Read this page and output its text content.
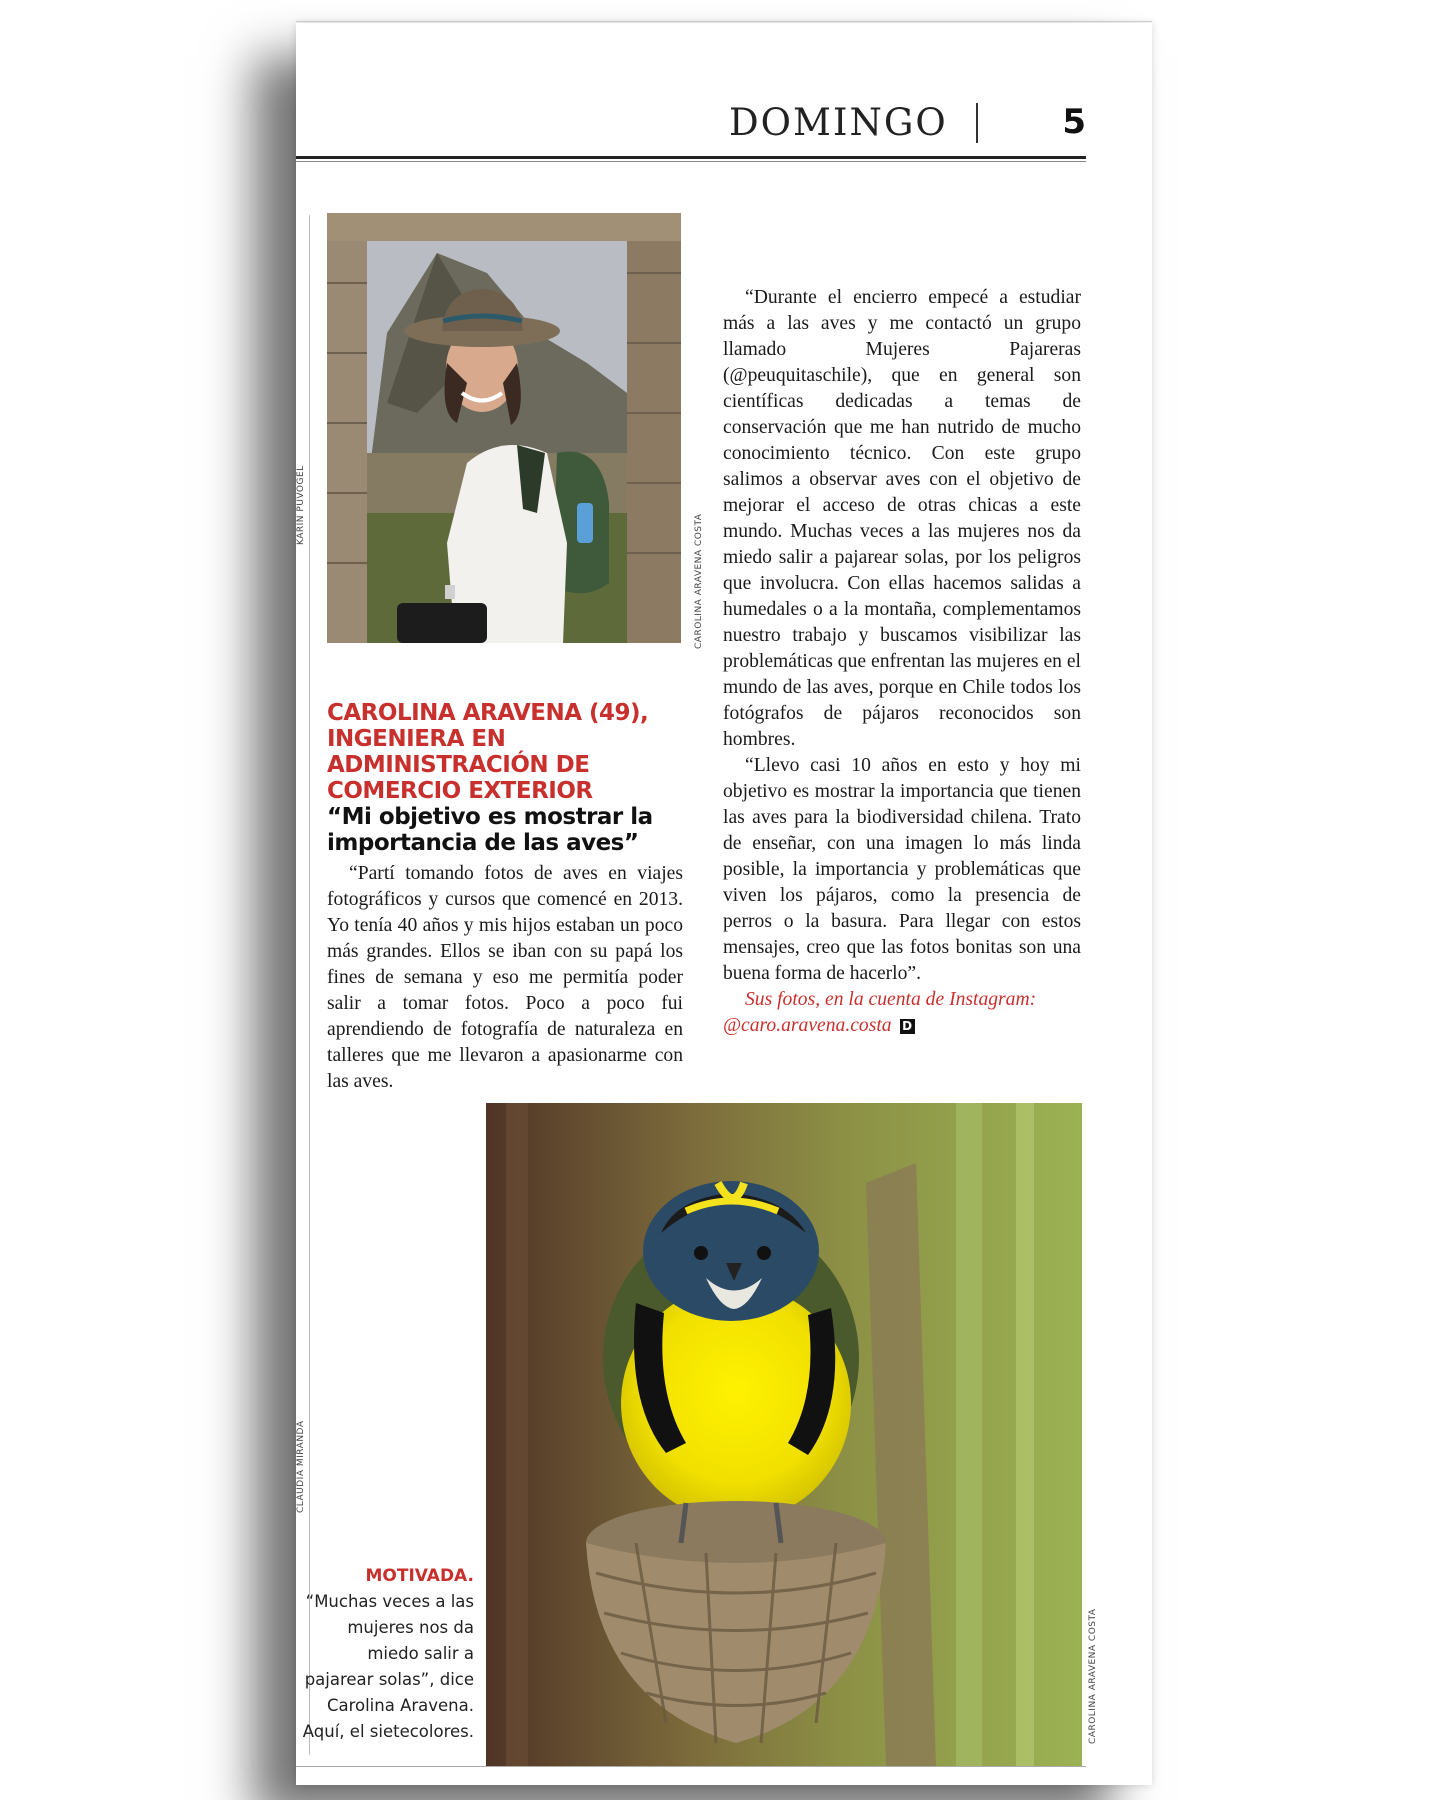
DOMINGO	5
KARIN PUVOGEL
CAROLINA ARAVENA COSTA
CAROLINA ARAVENA (49), INGENIERA EN ADMINISTRACIÓN DE COMERCIO EXTERIOR
“Mi objetivo es mostrar la importancia de las aves”

“Partí tomando fotos de aves en viajes fotográficos y cursos que comencé en 2013. Yo tenía 40 años y mis hijos estaban un poco más grandes. Ellos se iban con su papá los fines de semana y eso me permitía poder salir a tomar fotos. Poco a poco fui aprendiendo de fotografía de naturaleza en talleres que me llevaron a apasionarme con las aves.

“Durante el encierro empecé a estudiar más a las aves y me contactó un grupo llamado Mujeres Pajareras (@peuquitaschile), que en general son científicas dedicadas a temas de conservación que me han nutrido de mucho conocimiento técnico. Con este grupo salimos a observar aves con el objetivo de mejorar el acceso de otras chicas a este mundo. Muchas veces a las mujeres nos da miedo salir a pajarear solas, por los peligros que involucra. Con ellas hacemos salidas a humedales o a la montaña, complementamos nuestro trabajo y buscamos visibilizar las problemáticas que enfrentan las mujeres en el mundo de las aves, porque en Chile todos los fotógrafos de pájaros reconocidos son hombres.

“Llevo casi 10 años en esto y hoy mi objetivo es mostrar la importancia que tienen las aves para la biodiversidad chilena. Trato de enseñar, con una imagen lo más linda posible, la importancia y problemáticas que viven los pájaros, como la presencia de perros o la basura. Para llegar con estos mensajes, creo que las fotos bonitas son una buena forma de hacerlo”.

Sus fotos, en la cuenta de Instagram:
@caro.aravena.costa D
CAROLINA ARAVENA COSTA
CLAUDIA MIRANDA
MOTIVADA.
“Muchas veces a las mujeres nos da miedo salir a pajarear solas”, dice Carolina Aravena. Aquí, el sietecolores.
